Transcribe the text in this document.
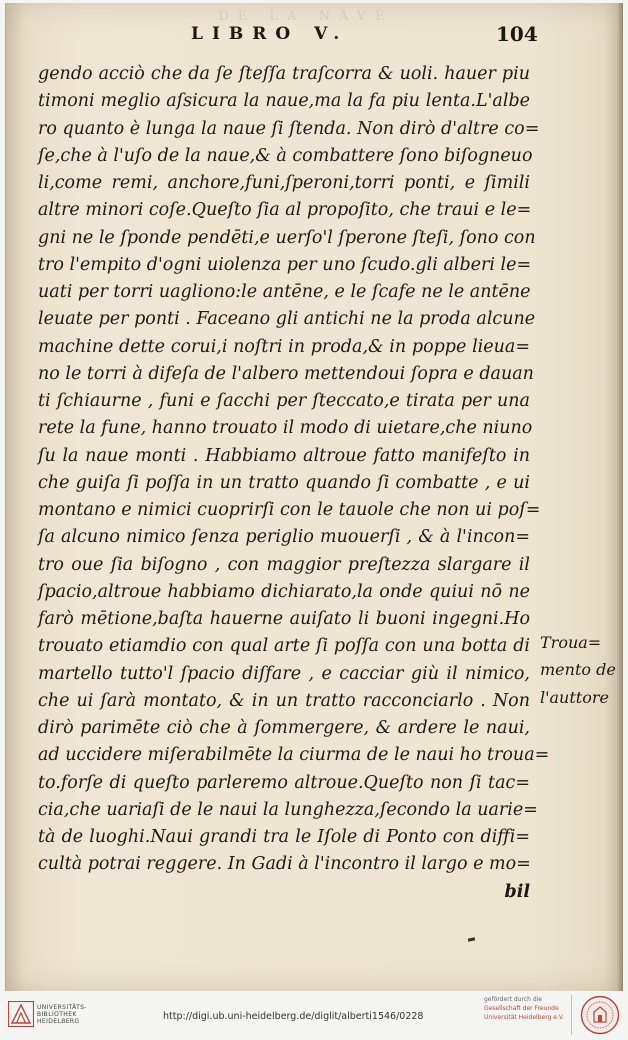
DE LA NAVE
LIBRO V.	104
gendo acciò che da ſe ſteſſa traſcorra & uoli. hauer piu
timoni meglio aſsicura la naue,ma la fa piu lenta.L'albe
ro quanto è lunga la naue ſi ſtenda. Non dirò d'altre co=
ſe,che à l'uſo de la naue,& à combattere ſono biſogneuo
li,come remi, anchore,funi,ſperoni,torri ponti, e ſimili
altre minori coſe.Queſto ſia al propoſito, che traui e le=
gni ne le ſponde pendēti,e uerſo'l ſperone ſteſi, ſono con
tro l'empito d'ogni uiolenza per uno ſcudo.gli alberi le=
uati per torri uagliono:le antēne, e le ſcafe ne le antēne
leuate per ponti . Faceano gli antichi ne la proda alcune
machine dette corui,i noſtri in proda,& in poppe lieua=
no le torri à difeſa de l'albero mettendoui ſopra e dauan
ti ſchiaurne , funi e ſacchi per ſteccato,e tirata per una
rete la fune, hanno trouato il modo di uietare,che niuno
ſu la naue monti . Habbiamo altroue fatto manifeſto in
che guiſa ſi poſſa in un tratto quando ſi combatte , e ui
montano e nimici cuoprirſi con le tauole che non ui poſ=
ſa alcuno nimico ſenza periglio muouerſi , & à l'incon=
tro oue ſia biſogno , con maggior preſtezza slargare il
ſpacio,altroue habbiamo dichiarato,la onde quiui nō ne
farò mētione,baſta hauerne auiſato li buoni ingegni.Ho
trouato etiamdio con qual arte ſi poſſa con una botta di
martello tutto'l ſpacio diſfare , e cacciar giù il nimico,
che ui ſarà montato, & in un tratto racconciarlo . Non
dirò parimēte ciò che à ſommergere, & ardere le naui,
ad uccidere miſerabilmēte la ciurma de le naui ho troua=
to.forſe di queſto parleremo altroue.Queſto non ſi tac=
cia,che uariaſi de le naui la lunghezza,ſecondo la uarie=
tà de luoghi.Naui grandi tra le Iſole di Ponto con diffi=
cultà potrai reggere. In Gadi à l'incontro il largo e mo=
bil
Troua=
mento de
l'auttore
UNIVERSITÄTS-
BIBLIOTHEK
HEIDELBERG	http://digi.ub.uni-heidelberg.de/diglit/alberti1546/0228
gefördert durch die
Gesellschaft der Freunde
Universität Heidelberg e.V.
